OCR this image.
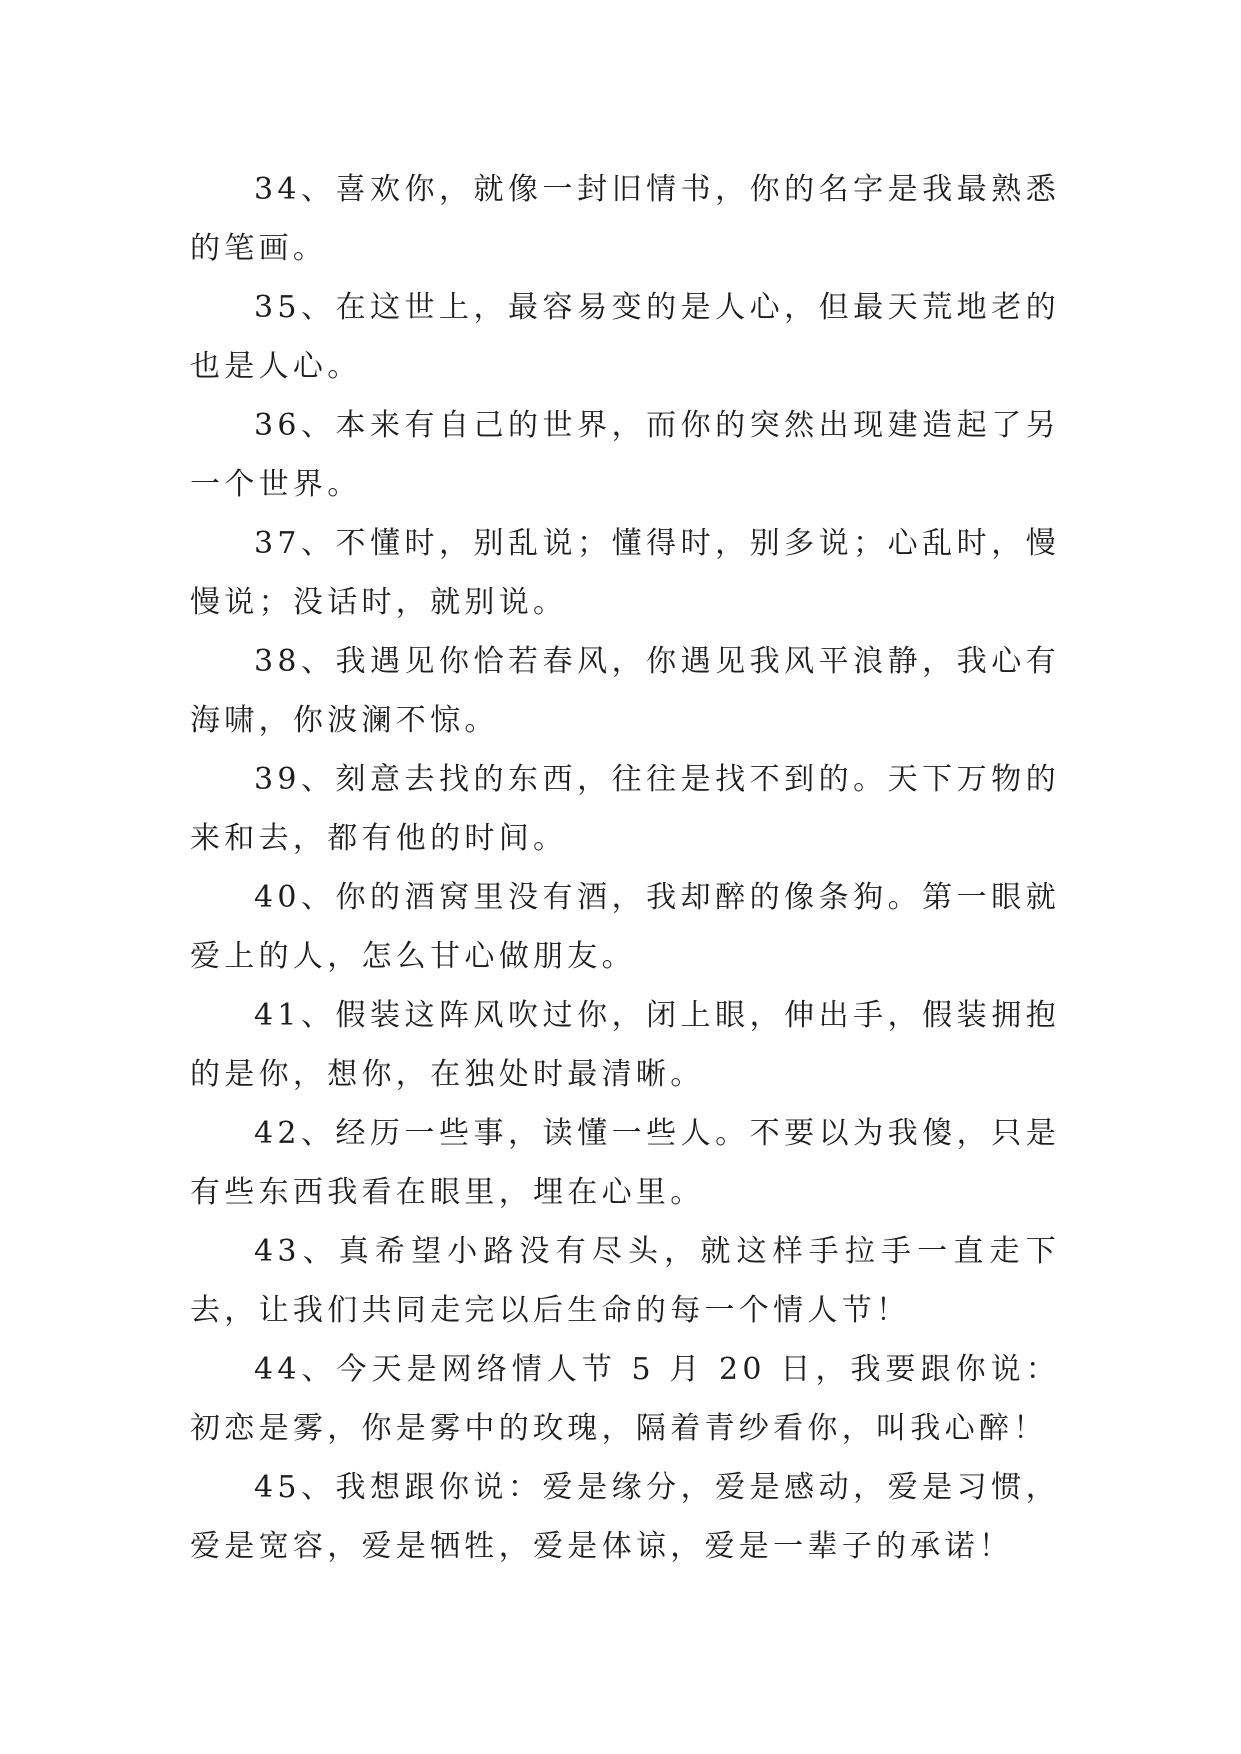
34、喜欢你，就像一封旧情书，你的名字是我最熟悉的笔画。

35、在这世上，最容易变的是人心，但最天荒地老的也是人心。

36、本来有自己的世界，而你的突然出现建造起了另一个世界。

37、不懂时，别乱说；懂得时，别多说；心乱时，慢慢说；没话时，就别说。

38、我遇见你恰若春风，你遇见我风平浪静，我心有海啸，你波澜不惊。

39、刻意去找的东西，往往是找不到的。天下万物的来和去，都有他的时间。

40、你的酒窝里没有酒，我却醉的像条狗。第一眼就爱上的人，怎么甘心做朋友。

41、假装这阵风吹过你，闭上眼，伸出手，假装拥抱的是你，想你，在独处时最清晰。

42、经历一些事，读懂一些人。不要以为我傻，只是有些东西我看在眼里，埋在心里。

43、真希望小路没有尽头，就这样手拉手一直走下去，让我们共同走完以后生命的每一个情人节！

44、今天是网络情人节 5 月 20 日，我要跟你说：初恋是雾，你是雾中的玫瑰，隔着青纱看你，叫我心醉！

45、我想跟你说：爱是缘分，爱是感动，爱是习惯，爱是宽容，爱是牺牲，爱是体谅，爱是一辈子的承诺！
